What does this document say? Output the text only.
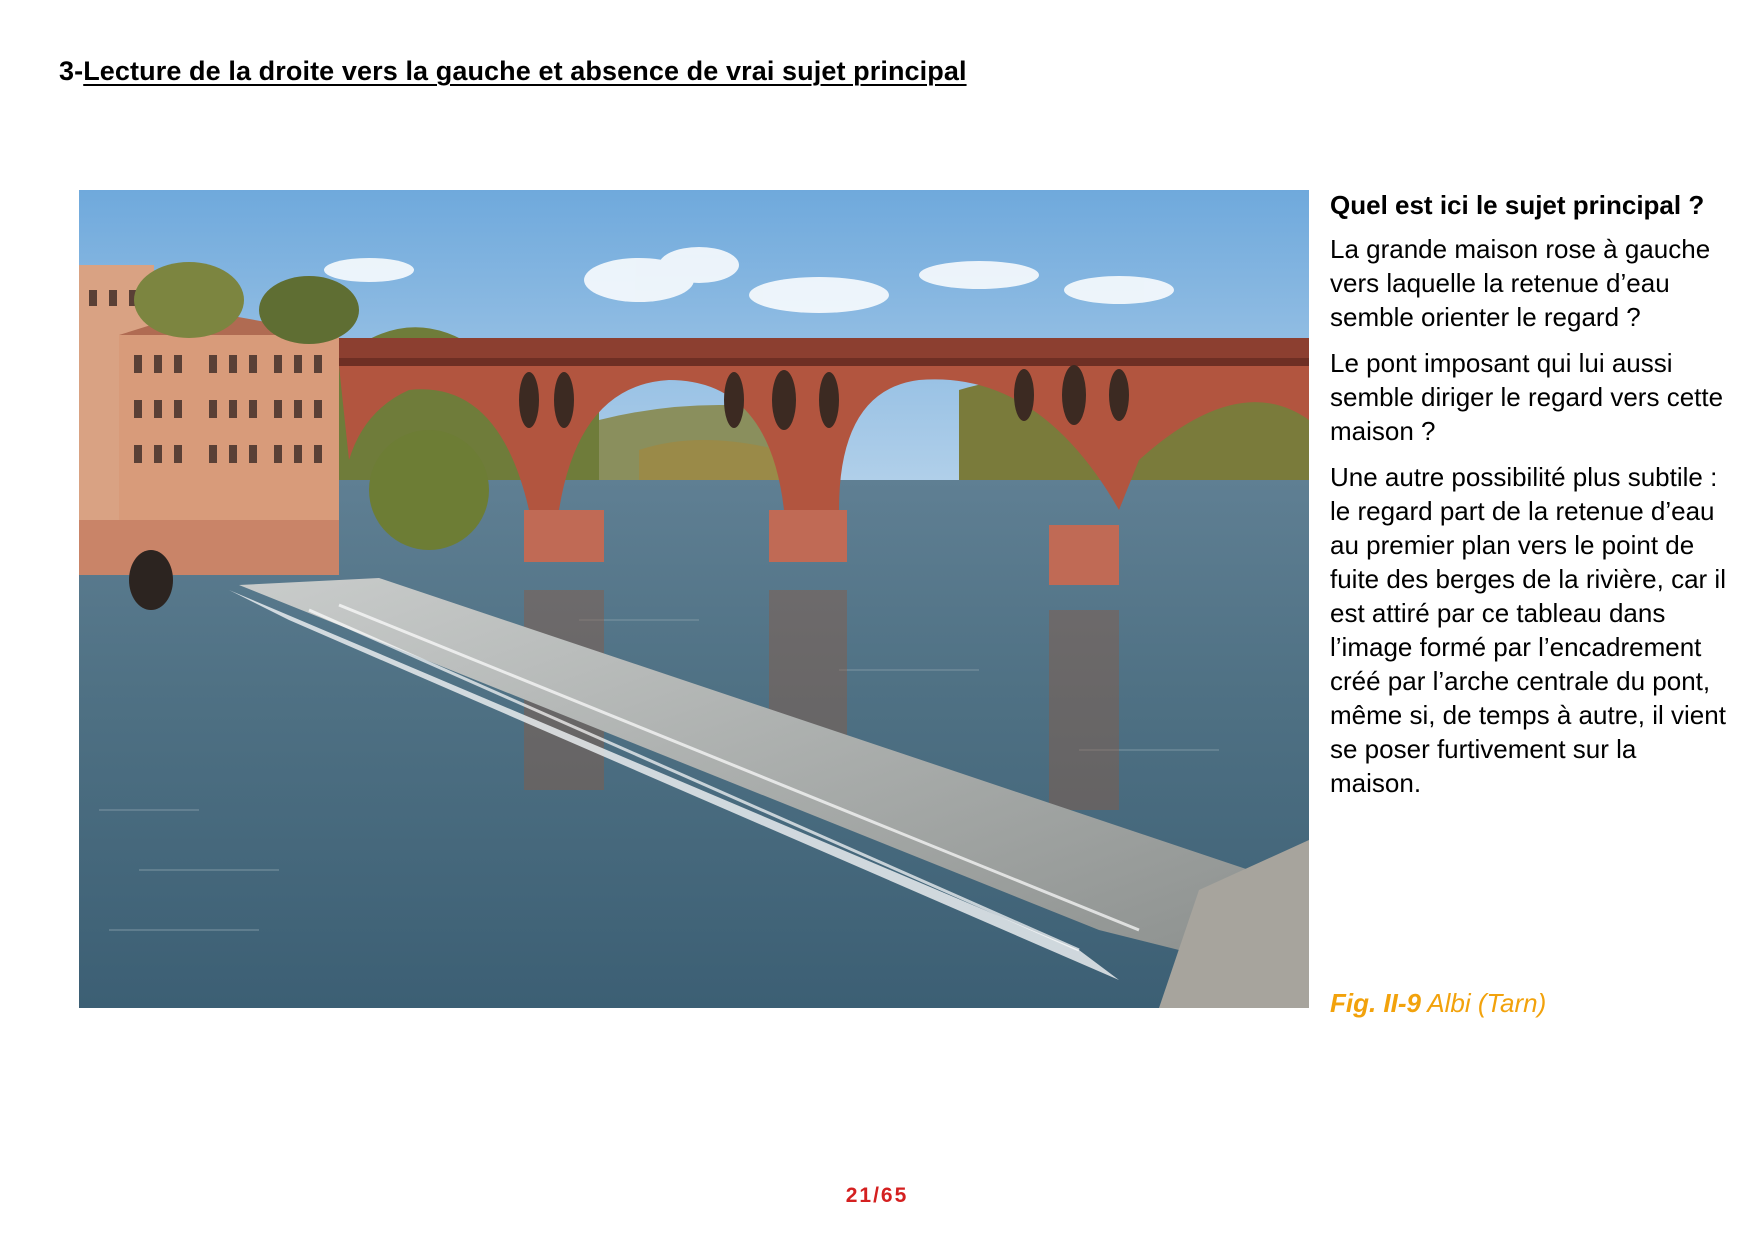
3-Lecture de la droite vers la gauche et absence de vrai sujet principal

Quel est ici le sujet principal ?

La grande maison rose à gauche vers laquelle la retenue d’eau semble orienter le regard ?

Le pont imposant qui lui aussi semble diriger le regard vers cette maison ?

Une autre possibilité plus subtile : le regard part de la retenue d’eau au premier plan vers le point de fuite des berges de la rivière, car il est attiré par ce tableau dans l’image formé par l’encadrement créé par l’arche centrale du pont, même si, de temps à autre, il vient se poser furtivement sur la maison.

Fig. II-9 Albi (Tarn)
21/65
